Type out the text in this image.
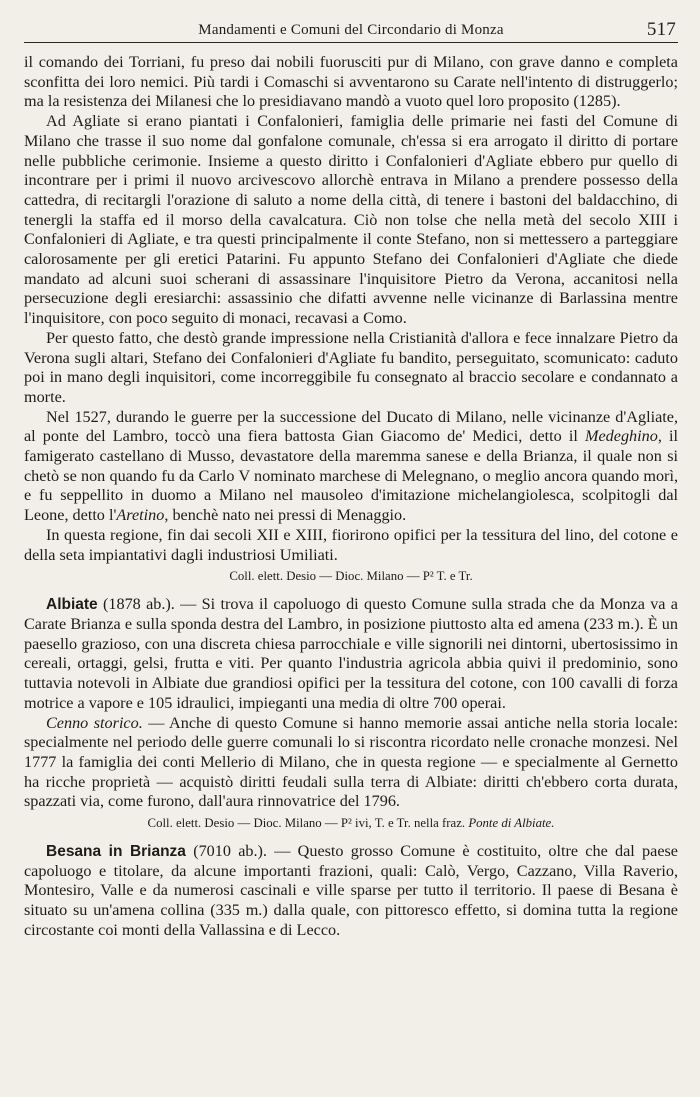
Mandamenti e Comuni del Circondario di Monza	517

il comando dei Torriani, fu preso dai nobili fuorusciti pur di Milano, con grave danno e completa sconfitta dei loro nemici. Più tardi i Comaschi si avventarono su Carate nell'intento di distruggerlo; ma la resistenza dei Milanesi che lo presidiavano mandò a vuoto quel loro proposito (1285).

Ad Agliate si erano piantati i Confalonieri, famiglia delle primarie nei fasti del Comune di Milano che trasse il suo nome dal gonfalone comunale, ch'essa si era arrogato il diritto di portare nelle pubbliche cerimonie. Insieme a questo diritto i Confalonieri d'Agliate ebbero pur quello di incontrare per i primi il nuovo arcivescovo allorchè entrava in Milano a prendere possesso della cattedra, di recitargli l'orazione di saluto a nome della città, di tenere i bastoni del baldacchino, di tenergli la staffa ed il morso della cavalcatura. Ciò non tolse che nella metà del secolo XIII i Confalonieri di Agliate, e tra questi principalmente il conte Stefano, non si mettessero a parteggiare calorosamente per gli eretici Patarini. Fu appunto Stefano dei Confalonieri d'Agliate che diede mandato ad alcuni suoi scherani di assassinare l'inquisitore Pietro da Verona, accanitosi nella persecuzione degli eresiarchi: assassinio che difatti avvenne nelle vicinanze di Barlassina mentre l'inquisitore, con poco seguito di monaci, recavasi a Como.

Per questo fatto, che destò grande impressione nella Cristianità d'allora e fece innalzare Pietro da Verona sugli altari, Stefano dei Confalonieri d'Agliate fu bandito, perseguitato, scomunicato: caduto poi in mano degli inquisitori, come incorreggibile fu consegnato al braccio secolare e condannato a morte.

Nel 1527, durando le guerre per la successione del Ducato di Milano, nelle vicinanze d'Agliate, al ponte del Lambro, toccò una fiera battosta Gian Giacomo de' Medici, detto il Medeghino, il famigerato castellano di Musso, devastatore della maremma sanese e della Brianza, il quale non si chetò se non quando fu da Carlo V nominato marchese di Melegnano, o meglio ancora quando morì, e fu seppellito in duomo a Milano nel mausoleo d'imitazione michelangiolesca, scolpitogli dal Leone, detto l'Aretino, benchè nato nei pressi di Menaggio.

In questa regione, fin dai secoli XII e XIII, fiorirono opifici per la tessitura del lino, del cotone e della seta impiantativi dagli industriosi Umiliati.

Coll. elett. Desio — Dioc. Milano — P² T. e Tr.

Albiate (1878 ab.). — Si trova il capoluogo di questo Comune sulla strada che da Monza va a Carate Brianza e sulla sponda destra del Lambro, in posizione piuttosto alta ed amena (233 m.). È un paesello grazioso, con una discreta chiesa parrocchiale e ville signorili nei dintorni, ubertosissimo in cereali, ortaggi, gelsi, frutta e viti. Per quanto l'industria agricola abbia quivi il predominio, sono tuttavia notevoli in Albiate due grandiosi opifici per la tessitura del cotone, con 100 cavalli di forza motrice a vapore e 105 idraulici, impieganti una media di oltre 700 operai.

Cenno storico. — Anche di questo Comune si hanno memorie assai antiche nella storia locale: specialmente nel periodo delle guerre comunali lo si riscontra ricordato nelle cronache monzesi. Nel 1777 la famiglia dei conti Mellerio di Milano, che in questa regione — e specialmente al Gernetto ha ricche proprietà — acquistò diritti feudali sulla terra di Albiate: diritti ch'ebbero corta durata, spazzati via, come furono, dall'aura rinnovatrice del 1796.

Coll. elett. Desio — Dioc. Milano — P² ivi, T. e Tr. nella fraz. Ponte di Albiate.

Besana in Brianza (7010 ab.). — Questo grosso Comune è costituito, oltre che dal paese capoluogo e titolare, da alcune importanti frazioni, quali: Calò, Vergo, Cazzano, Villa Raverio, Montesiro, Valle e da numerosi cascinali e ville sparse per tutto il territorio. Il paese di Besana è situato su un'amena collina (335 m.) dalla quale, con pittoresco effetto, si domina tutta la regione circostante coi monti della Vallassina e di Lecco.
